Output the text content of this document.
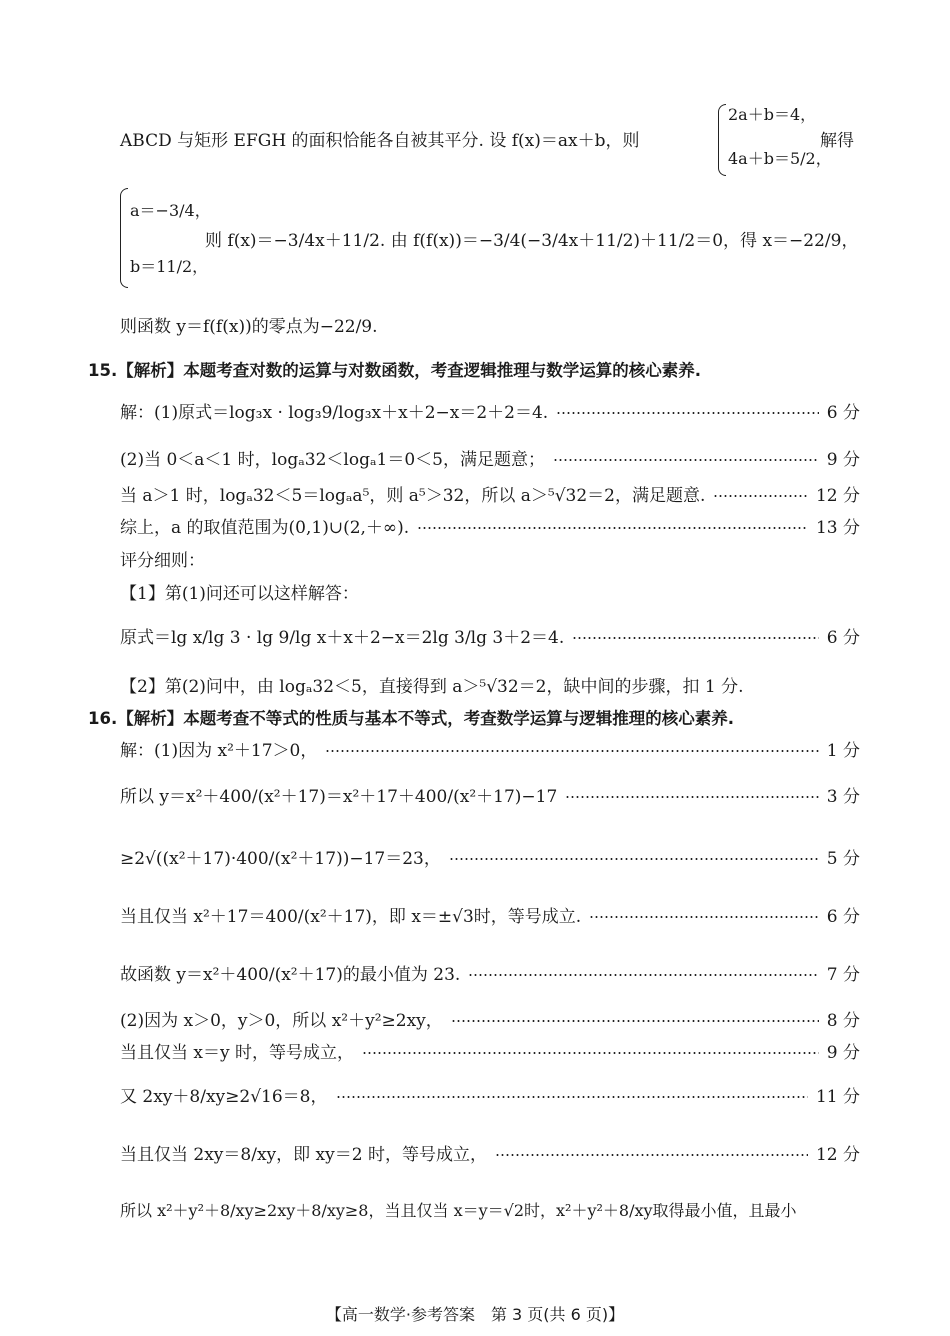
2a＋b＝4，
4a＋b＝5/2，
ABCD 与矩形 EFGH 的面积恰能各自被其平分. 设 f(x)＝ax＋b，则	解得
a＝−3/4，
b＝11/2，
则 f(x)＝−3/4x＋11/2. 由 f(f(x))＝−3/4(−3/4x＋11/2)＋11/2＝0，得 x＝−22/9，
则函数 y＝f(f(x))的零点为−22/9.
15.【解析】本题考查对数的运算与对数函数，考查逻辑推理与数学运算的核心素养.
解：(1)原式＝log₃x · log₃9/log₃x＋x＋2−x＝2＋2＝4.	6 分
(2)当 0＜a＜1 时，logₐ32＜logₐ1＝0＜5，满足题意；	9 分
当 a＞1 时，logₐ32＜5＝logₐa⁵，则 a⁵＞32，所以 a＞⁵√32＝2，满足题意.	12 分
综上，a 的取值范围为(0,1)∪(2,＋∞).	13 分
评分细则：
【1】第(1)问还可以这样解答：
原式＝lg x/lg 3 · lg 9/lg x＋x＋2−x＝2lg 3/lg 3＋2＝4.	6 分
【2】第(2)问中，由 logₐ32＜5，直接得到 a＞⁵√32＝2，缺中间的步骤，扣 1 分.
16.【解析】本题考查不等式的性质与基本不等式，考查数学运算与逻辑推理的核心素养.
解：(1)因为 x²＋17＞0，	1 分
所以 y＝x²＋400/(x²＋17)＝x²＋17＋400/(x²＋17)−17	3 分
≥2√((x²＋17)·400/(x²＋17))−17＝23，	5 分
当且仅当 x²＋17＝400/(x²＋17)，即 x＝±√3时，等号成立.	6 分
故函数 y＝x²＋400/(x²＋17)的最小值为 23.	7 分
(2)因为 x＞0，y＞0，所以 x²＋y²≥2xy，	8 分
当且仅当 x＝y 时，等号成立，	9 分
又 2xy＋8/xy≥2√16＝8，	11 分
当且仅当 2xy＝8/xy，即 xy＝2 时，等号成立，	12 分
所以 x²＋y²＋8/xy≥2xy＋8/xy≥8，当且仅当 x＝y＝√2时，x²＋y²＋8/xy取得最小值，且最小
【高一数学·参考答案　第 3 页(共 6 页)】
